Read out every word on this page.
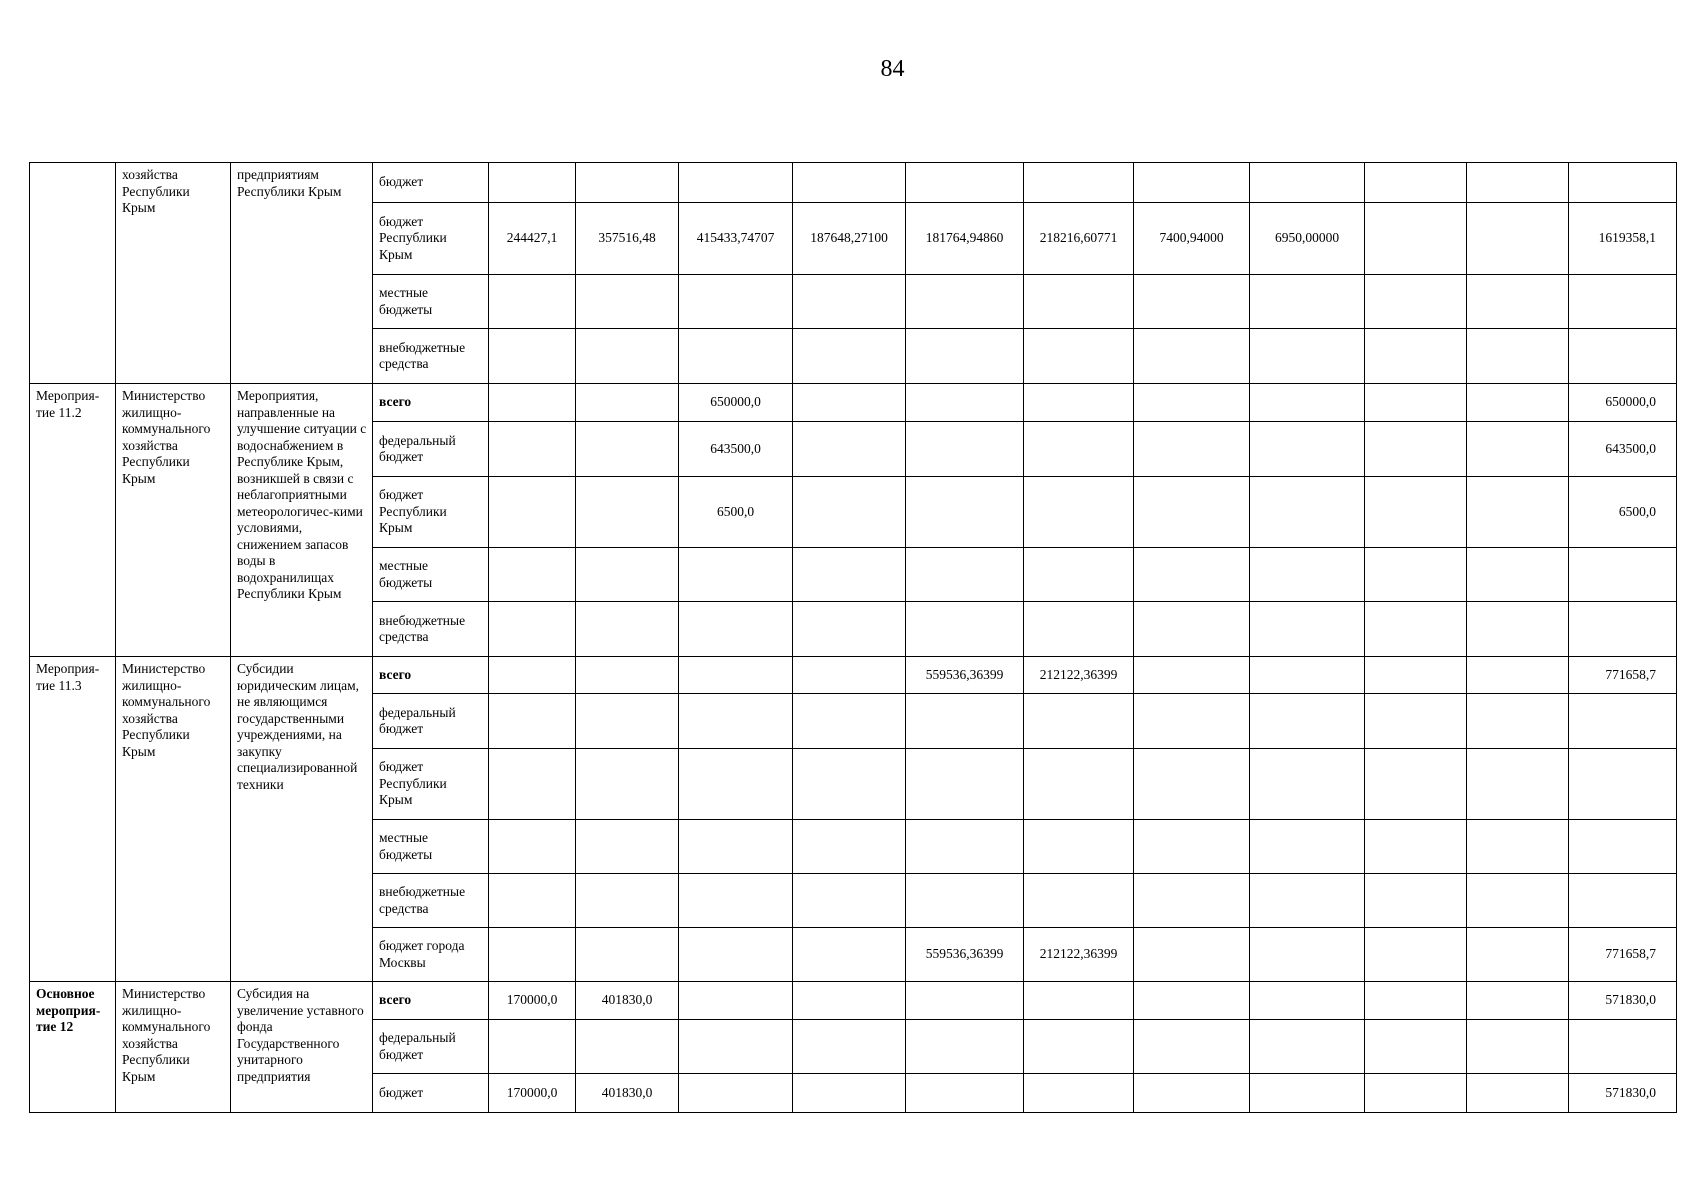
84
	хозяйства Республики Крым	предприятиям Республики Крым	бюджет											
			бюджет Республики Крым	244427,1	357516,48	415433,74707	187648,27100	181764,94860	218216,60771	7400,94000	6950,00000			1619358,1
			местные бюджеты											
			внебюджетные средства											
Мероприя-тие 11.2	Министерство жилищно-коммунального хозяйства Республики Крым	Мероприятия, направленные на улучшение ситуации с водоснабжением в Республике Крым, возникшей в связи с неблагоприятными метеорологичес-кими условиями, снижением запасов воды в водохранилищах Республики Крым	всего			650000,0								650000,0
			федеральный бюджет			643500,0								643500,0
			бюджет Республики Крым			6500,0								6500,0
			местные бюджеты											
			внебюджетные средства											
Мероприя-тие 11.3	Министерство жилищно-коммунального хозяйства Республики Крым	Субсидии юридическим лицам, не являющимся государственными учреждениями, на закупку специализированной техники	всего					559536,36399	212122,36399					771658,7
			федеральный бюджет											
			бюджет Республики Крым											
			местные бюджеты											
			внебюджетные средства											
			бюджет города Москвы					559536,36399	212122,36399					771658,7
Основное мероприя-тие 12	Министерство жилищно-коммунального хозяйства Республики Крым	Субсидия на увеличение уставного фонда Государственного унитарного предприятия	всего	170000,0	401830,0									571830,0
			федеральный бюджет											
			бюджет	170000,0	401830,0									571830,0
